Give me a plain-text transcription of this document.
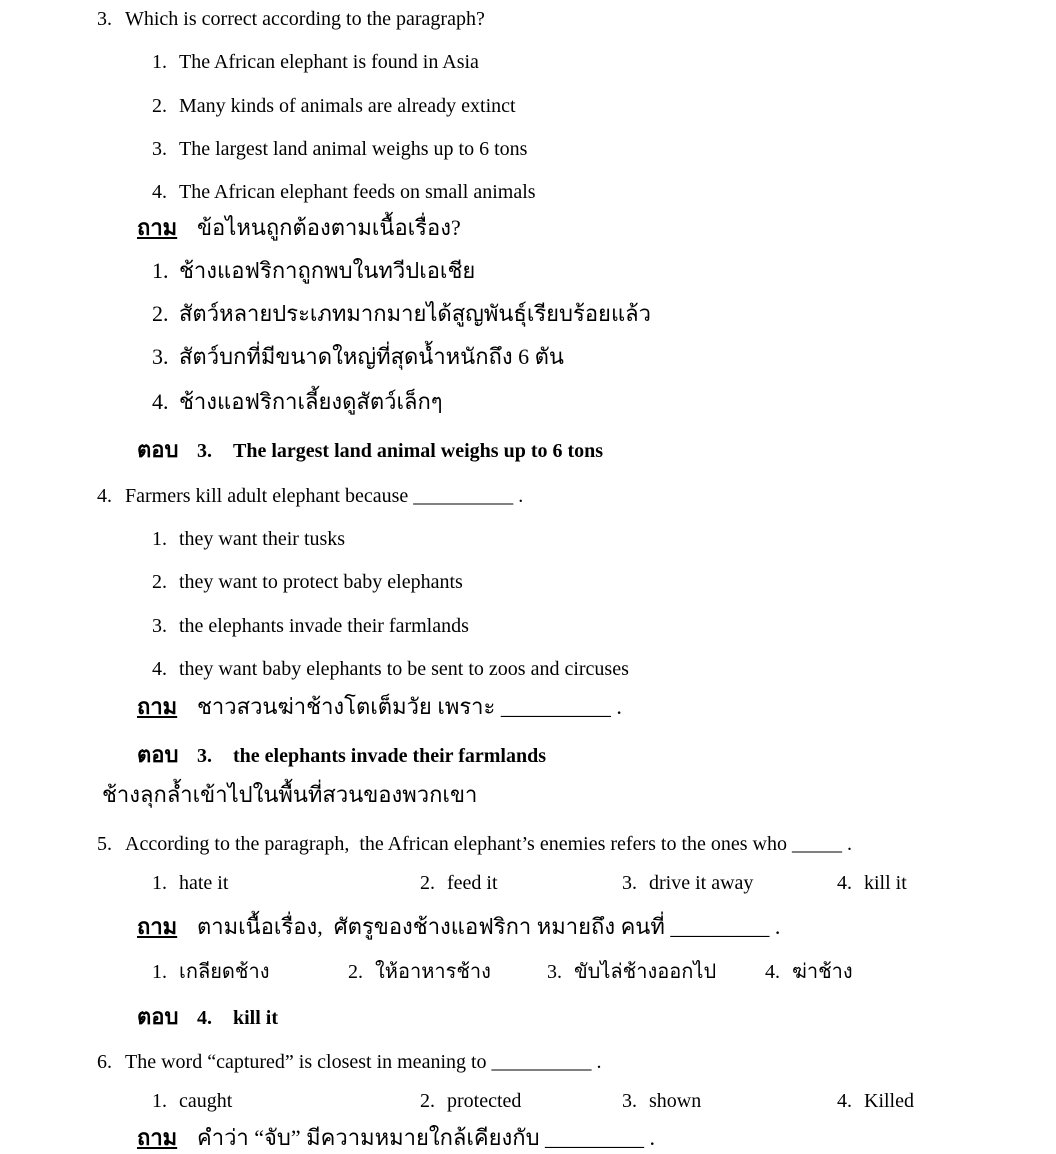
3. Which is correct according to the paragraph?
1. The African elephant is found in Asia
2. Many kinds of animals are already extinct
3. The largest land animal weighs up to 6 tons
4. The African elephant feeds on small animals
ถาม ข้อไหนถูกต้องตามเนื้อเรื่อง?
1. ช้างแอฟริกาถูกพบในทวีปเอเชีย
2. สัตว์หลายประเภทมากมายได้สูญพันธุ์เรียบร้อยแล้ว
3. สัตว์บกที่มีขนาดใหญ่ที่สุดน้ำหนักถึง 6 ตัน
4. ช้างแอฟริกาเลี้ยงดูสัตว์เล็กๆ
ตอบ 3. The largest land animal weighs up to 6 tons
4. Farmers kill adult elephant because __________ .
1. they want their tusks
2. they want to protect baby elephants
3. the elephants invade their farmlands
4. they want baby elephants to be sent to zoos and circuses
ถาม ชาวสวนฆ่าช้างโตเต็มวัย เพราะ __________ .
ตอบ 3. the elephants invade their farmlands
ช้างลุกล้ำเข้าไปในพื้นที่สวนของพวกเขา
5. According to the paragraph,  the African elephant’s enemies refers to the ones who _____ .
1. hate it	2. feed it	3. drive it away	4. kill it
ถาม ตามเนื้อเรื่อง,  ศัตรูของช้างแอฟริกา หมายถึง คนที่ _________ .
1. เกลียดช้าง	2. ให้อาหารช้าง	3. ขับไล่ช้างออกไป 4. ฆ่าช้าง
ตอบ 4. kill it
6. The word “captured” is closest in meaning to __________ .
1. caught	2. protected	3. shown	4. Killed
ถาม คำว่า “จับ” มีความหมายใกล้เคียงกับ _________ .
